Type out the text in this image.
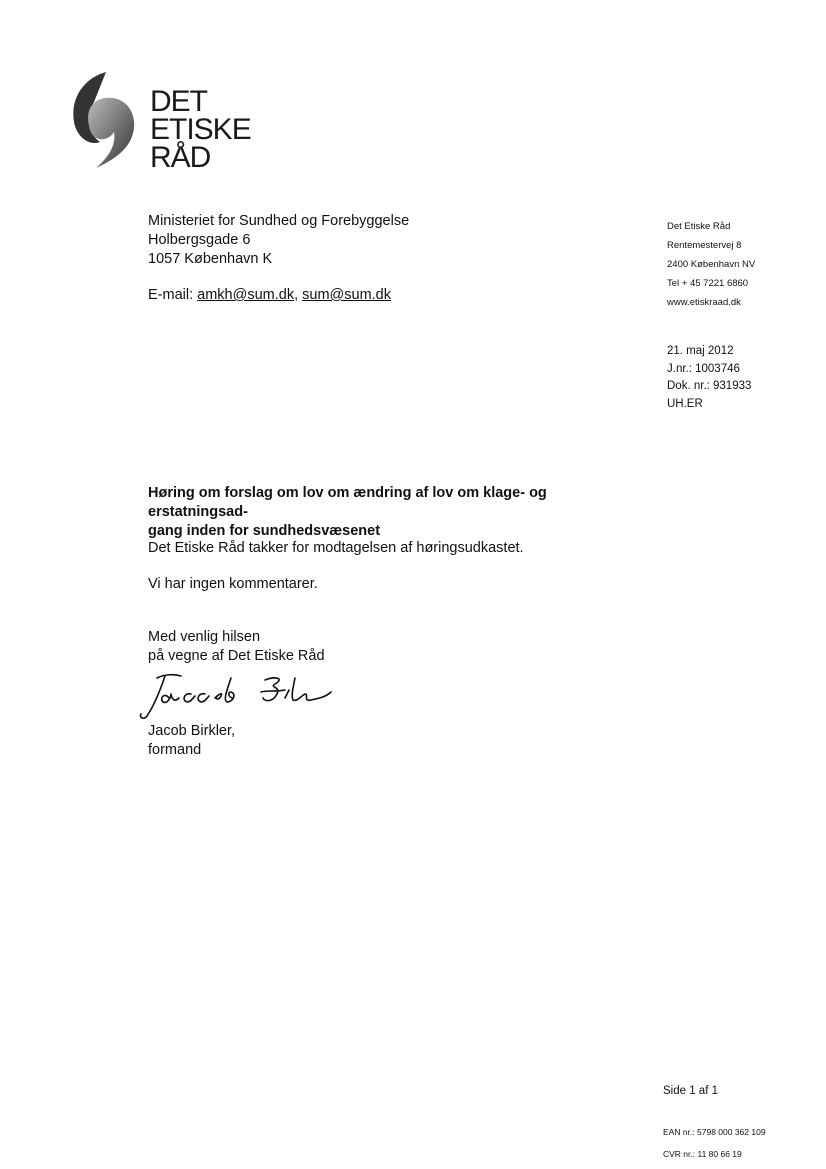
DET
ETISKE
RÅD
Ministeriet for Sundhed og Forebyggelse
Holbergsgade 6
1057 København K
E-mail: amkh@sum.dk, sum@sum.dk
Det Etiske Råd
Rentemestervej 8
2400 København NV
Tel + 45 7221 6860
www.etiskraad.dk
21. maj 2012
J.nr.: 1003746
Dok. nr.: 931933
UH.ER
Høring om forslag om lov om ændring af lov om klage- og erstatningsad-
gang inden for sundhedsvæsenet
Det Etiske Råd takker for modtagelsen af høringsudkastet.
Vi har ingen kommentarer.
Med venlig hilsen
på vegne af Det Etiske Råd
Jacob Birkler,
formand
Side 1 af 1
EAN nr.: 5798 000 362 109
CVR nr.: 11 80 66 19
